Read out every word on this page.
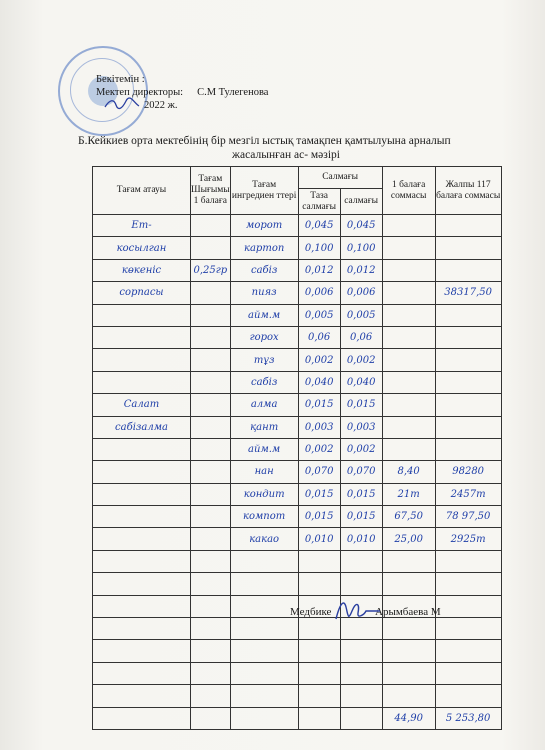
Бекітемін :
Мектеп директоры: С.М Тулегенова
2022 ж.
Б.Кейкиев орта мектебінің бір мезгіл ыстық тамақпен қамтылуына арналып
жасалынған ас- мәзірі
Тағам атауы	Тағам Шығымы 1 балаға	Тағам ингредиен ттері	Салмағы		1 балаға соммасы	Жалпы 117 балаға соммасы
			Таза салмағы	салмағы		
Ет-		морот	0,045	0,045		
косылган		картоп	0,100	0,100		
көкеніс	0,25гр	сабіз	0,012	0,012		
сорпасы		пияз	0,006	0,006		38317,50
		айм.м	0,005	0,005		
		горох	0,06	0,06		
		тұз	0,002	0,002		
		сабіз	0,040	0,040		
Салат		алма	0,015	0,015		
сабізалма		қант	0,003	0,003		
		айм.м	0,002	0,002		
		нан	0,070	0,070	8,40	98280
		кондит	0,015	0,015	21т	2457т
		компот	0,015	0,015	67,50	78 97,50
		какао	0,010	0,010	25,00	2925т

					44,90	5 253,80
Медбике	Арымбаева М
